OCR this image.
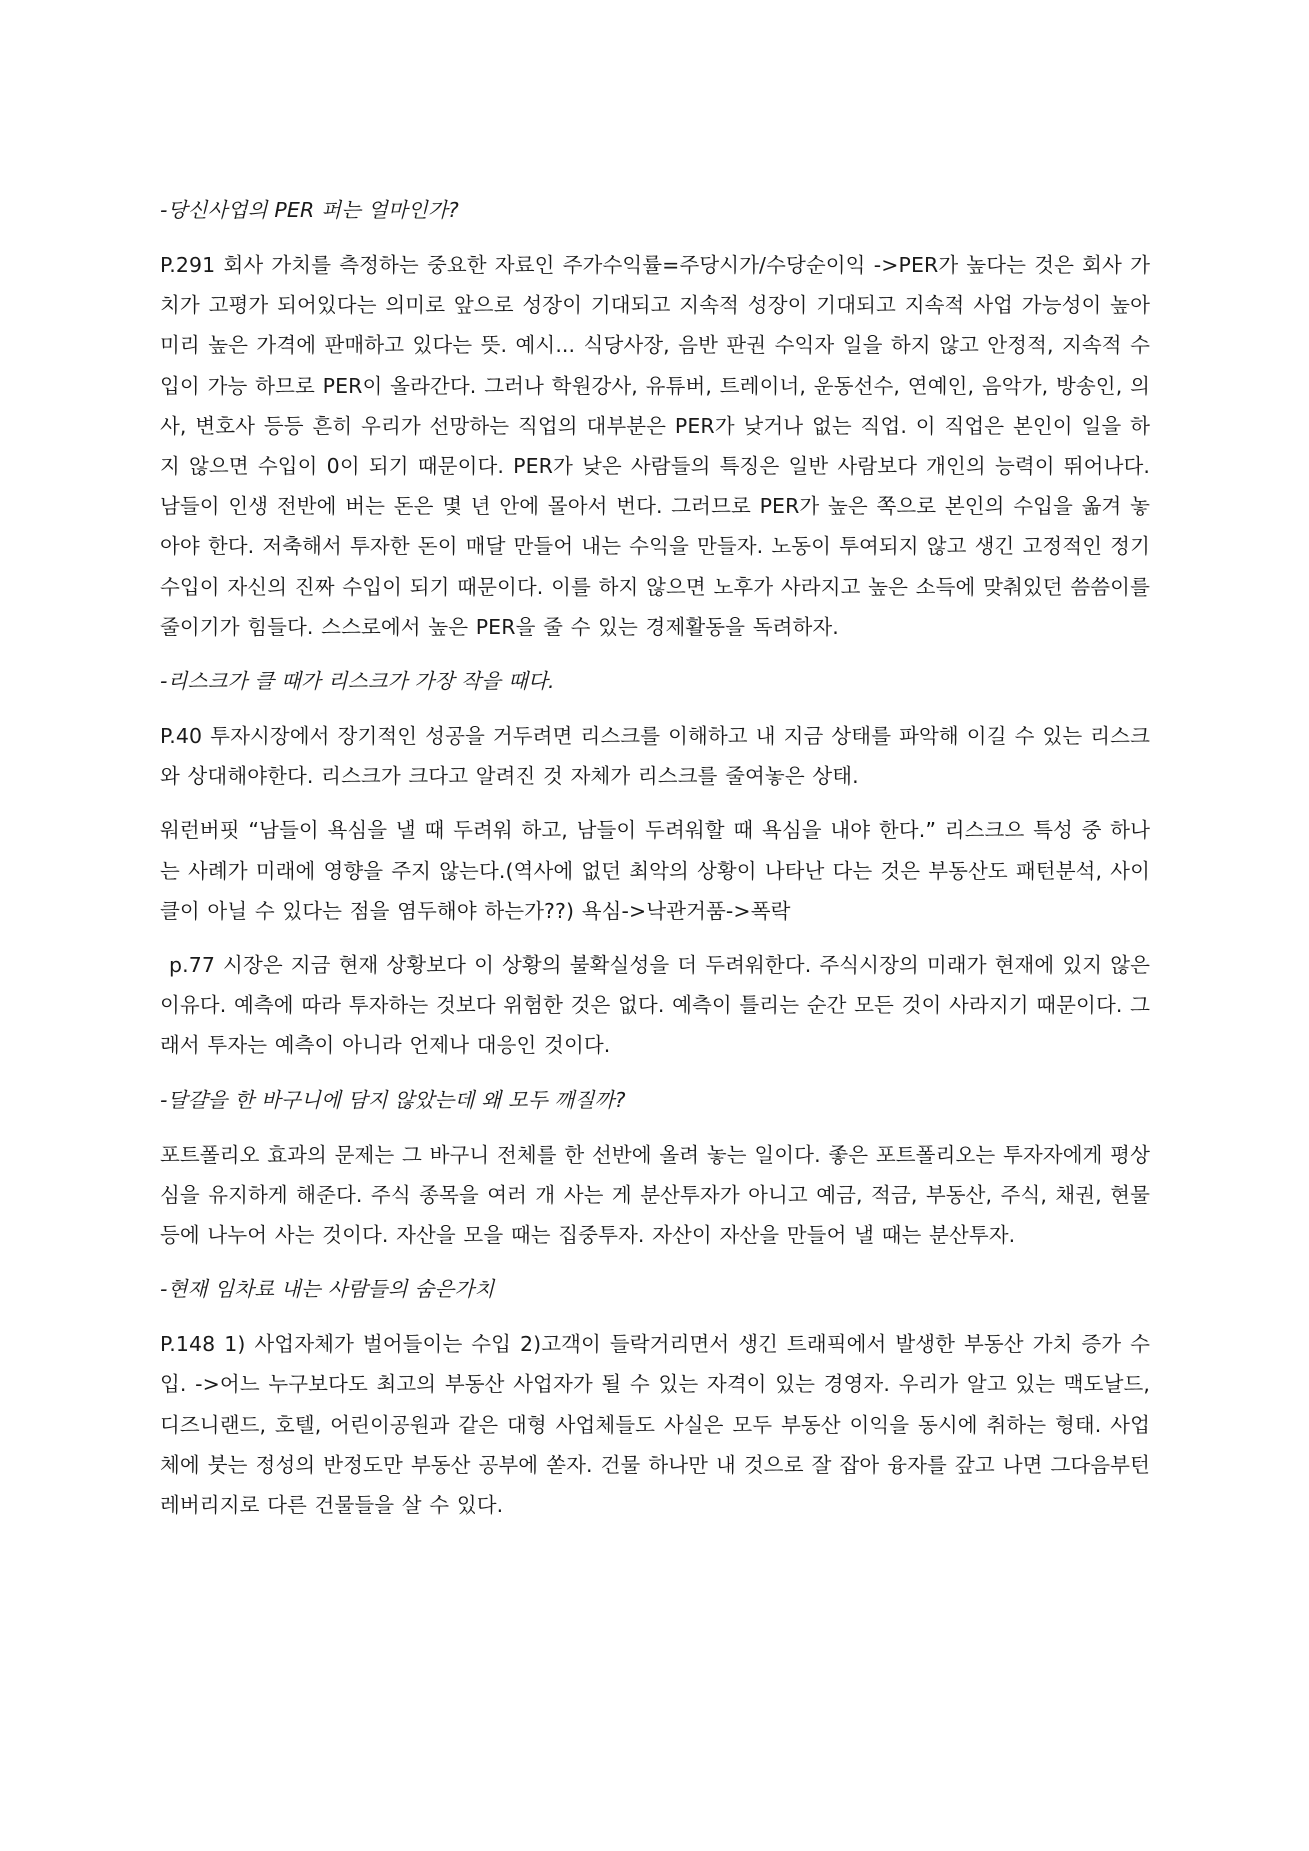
-당신사업의 PER 퍼는 얼마인가?

P.291 회사 가치를 측정하는 중요한 자료인 주가수익률=주당시가/수당순이익 ->PER가 높다는 것은 회사 가치가 고평가 되어있다는 의미로 앞으로 성장이 기대되고 지속적 성장이 기대되고 지속적 사업 가능성이 높아 미리 높은 가격에 판매하고 있다는 뜻. 예시... 식당사장, 음반 판권 수익자 일을 하지 않고 안정적, 지속적 수입이 가능 하므로 PER이 올라간다. 그러나 학원강사, 유튜버, 트레이너, 운동선수, 연예인, 음악가, 방송인, 의사, 변호사 등등 흔히 우리가 선망하는 직업의 대부분은 PER가 낮거나 없는 직업. 이 직업은 본인이 일을 하지 않으면 수입이 0이 되기 때문이다. PER가 낮은 사람들의 특징은 일반 사람보다 개인의 능력이 뛰어나다. 남들이 인생 전반에 버는 돈은 몇 년 안에 몰아서 번다. 그러므로 PER가 높은 쪽으로 본인의 수입을 옮겨 놓아야 한다. 저축해서 투자한 돈이 매달 만들어 내는 수익을 만들자. 노동이 투여되지 않고 생긴 고정적인 정기수입이 자신의 진짜 수입이 되기 때문이다. 이를 하지 않으면 노후가 사라지고 높은 소득에 맞춰있던 씀씀이를 줄이기가 힘들다. 스스로에서 높은 PER을 줄 수 있는 경제활동을 독려하자.

-리스크가 클 때가 리스크가 가장 작을 때다.

P.40 투자시장에서 장기적인 성공을 거두려면 리스크를 이해하고 내 지금 상태를 파악해 이길 수 있는 리스크와 상대해야한다. 리스크가 크다고 알려진 것 자체가 리스크를 줄여놓은 상태.

워런버핏 “남들이 욕심을 낼 때 두려워 하고, 남들이 두려워할 때 욕심을 내야 한다.” 리스크으 특성 중 하나는 사례가 미래에 영향을 주지 않는다.(역사에 없던 최악의 상황이 나타난 다는 것은 부동산도 패턴분석, 사이클이 아닐 수 있다는 점을 염두해야 하는가??) 욕심->낙관거품->폭락

p.77 시장은 지금 현재 상황보다 이 상황의 불확실성을 더 두려워한다. 주식시장의 미래가 현재에 있지 않은 이유다. 예측에 따라 투자하는 것보다 위험한 것은 없다. 예측이 틀리는 순간 모든 것이 사라지기 때문이다. 그래서 투자는 예측이 아니라 언제나 대응인 것이다.

-달걀을 한 바구니에 담지 않았는데 왜 모두 깨질까?

포트폴리오 효과의 문제는 그 바구니 전체를 한 선반에 올려 놓는 일이다. 좋은 포트폴리오는 투자자에게 평상심을 유지하게 해준다. 주식 종목을 여러 개 사는 게 분산투자가 아니고 예금, 적금, 부동산, 주식, 채권, 현물 등에 나누어 사는 것이다. 자산을 모을 때는 집중투자. 자산이 자산을 만들어 낼 때는 분산투자.

-현재 임차료 내는 사람들의 숨은가치

P.148 1) 사업자체가 벌어들이는 수입 2)고객이 들락거리면서 생긴 트래픽에서 발생한 부동산 가치 증가 수입. ->어느 누구보다도 최고의 부동산 사업자가 될 수 있는 자격이 있는 경영자. 우리가 알고 있는 맥도날드, 디즈니랜드, 호텔, 어린이공원과 같은 대형 사업체들도 사실은 모두 부동산 이익을 동시에 취하는 형태. 사업체에 붓는 정성의 반정도만 부동산 공부에 쏟자. 건물 하나만 내 것으로 잘 잡아 융자를 갚고 나면 그다음부턴 레버리지로 다른 건물들을 살 수 있다.
